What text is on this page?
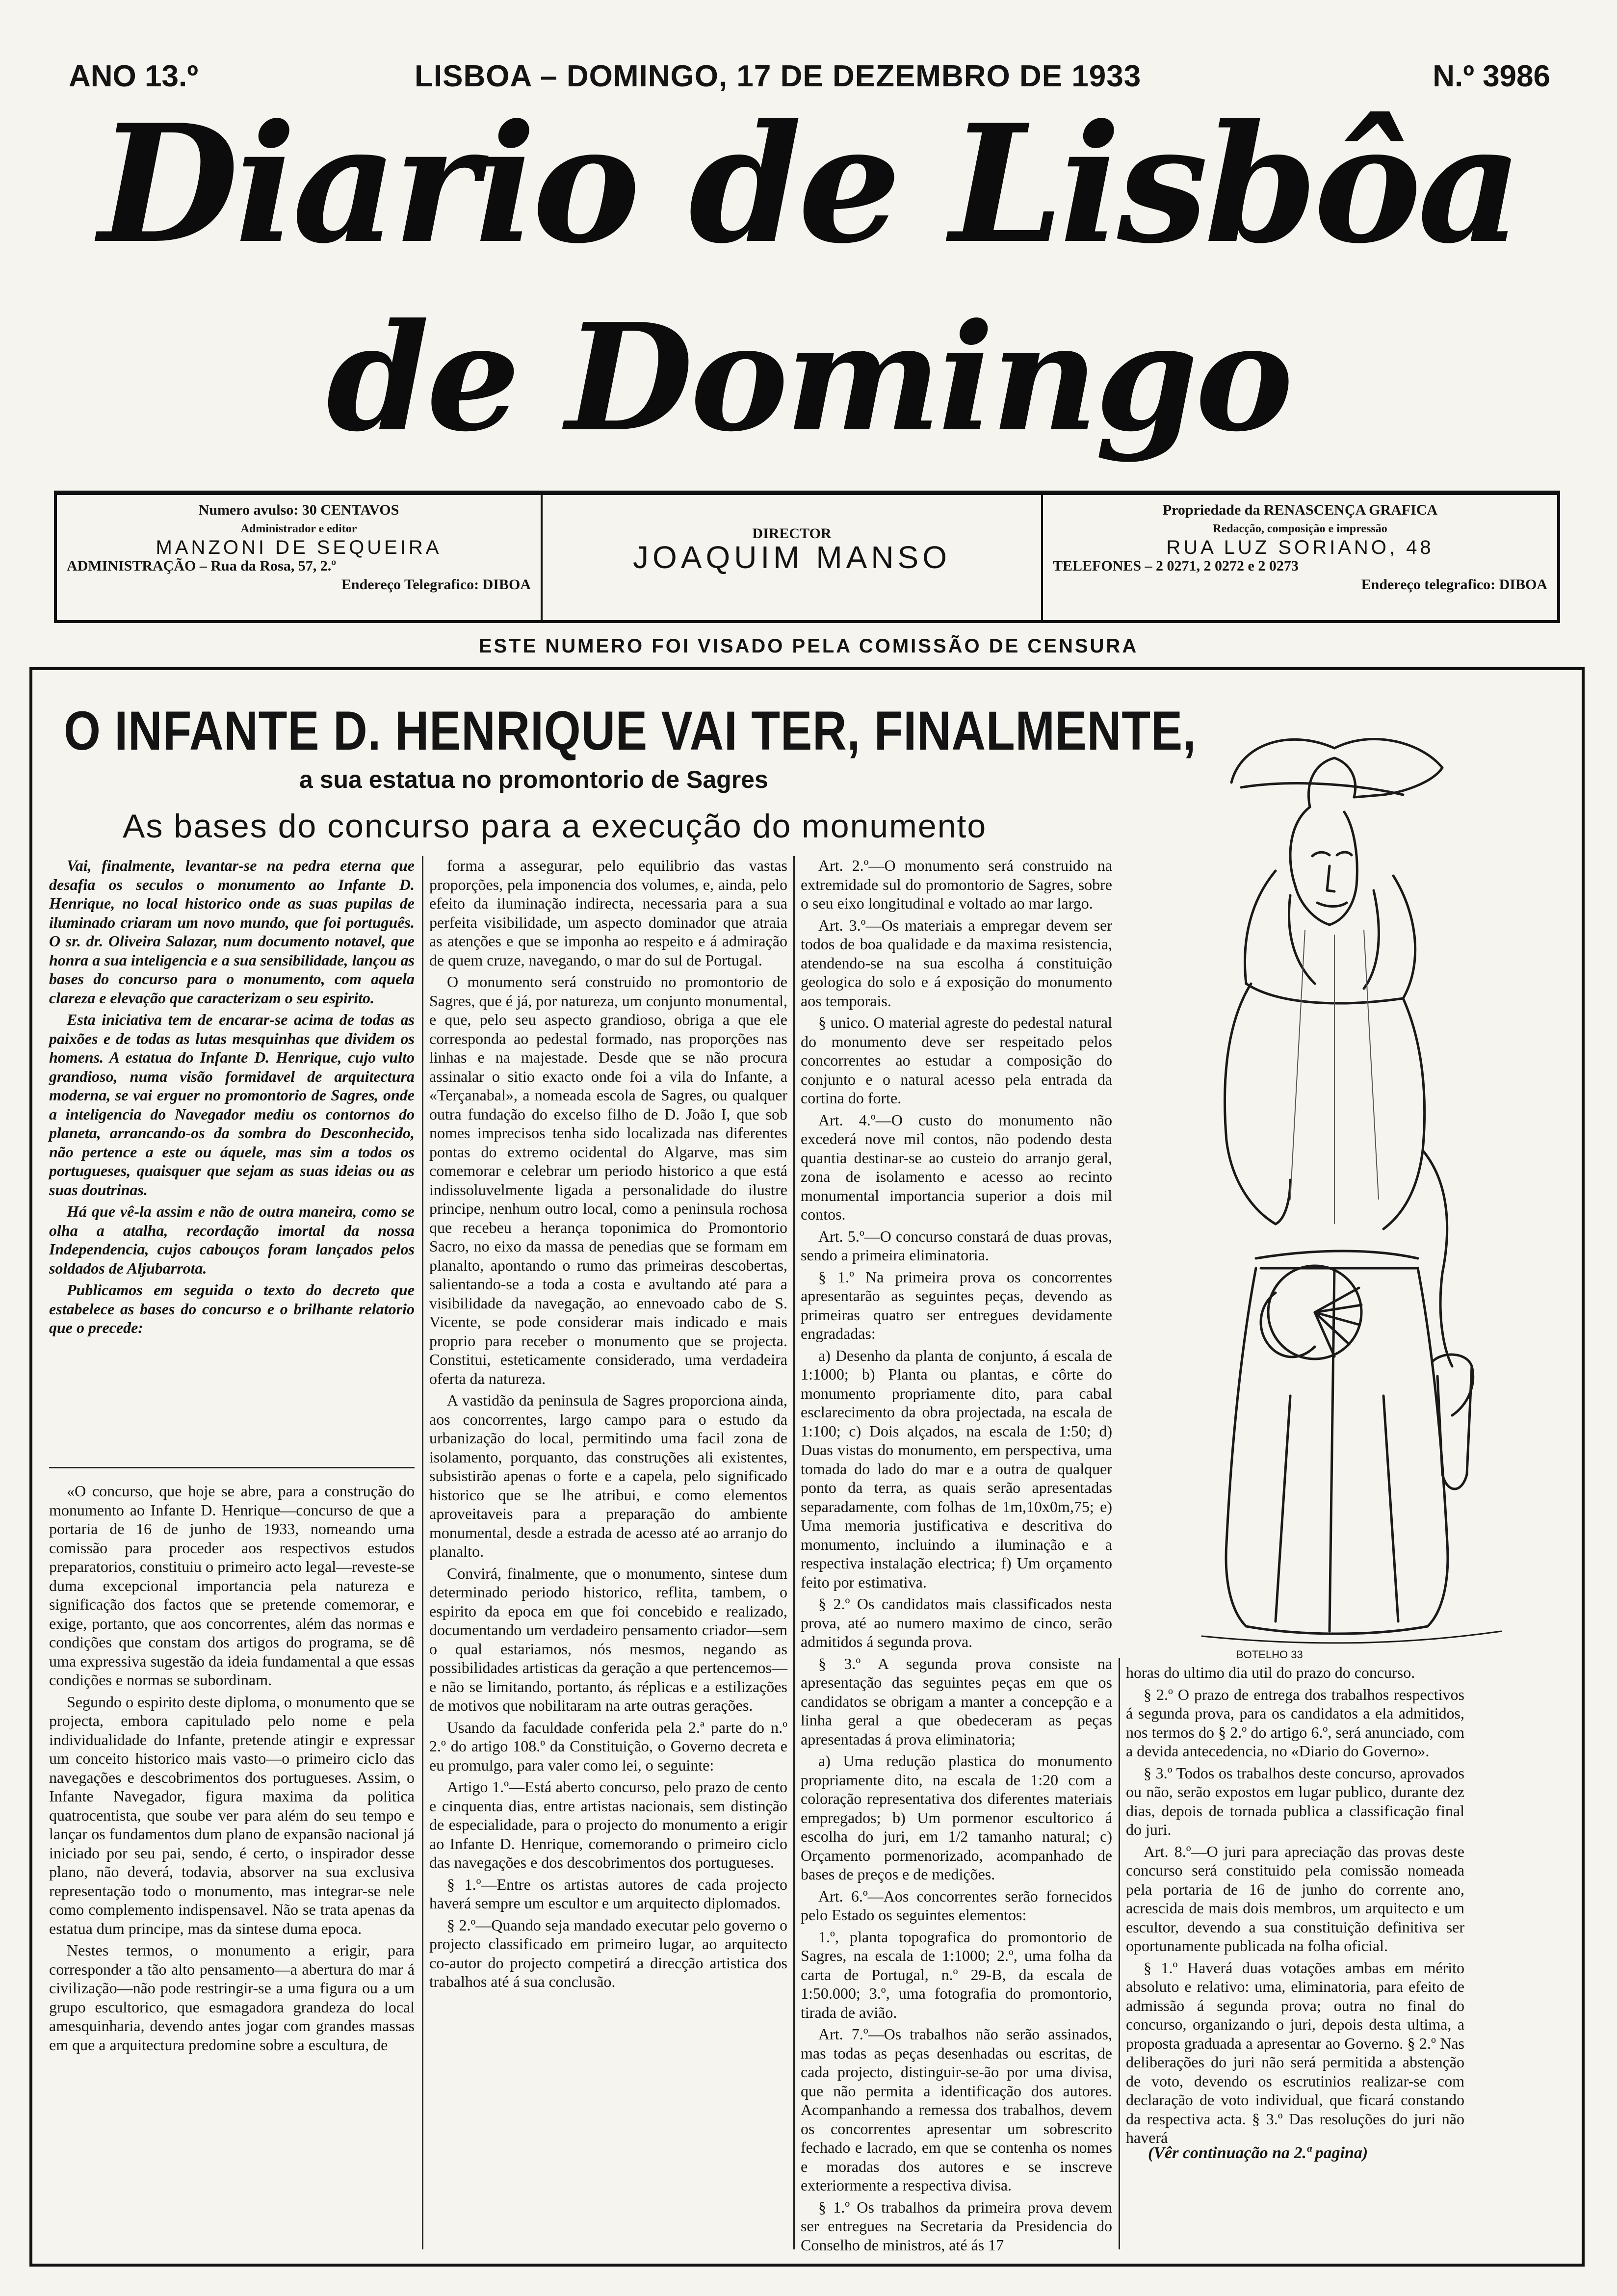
ANO 13.º	LISBOA – DOMINGO, 17 DE DEZEMBRO DE 1933	N.º 3986
Diario de Lisbôa
de Domingo
Numero avulso: 30 CENTAVOS
Administrador e editor
MANZONI DE SEQUEIRA
ADMINISTRAÇÃO – Rua da Rosa, 57, 2.º
Endereço Telegrafico: DIBOA
DIRECTOR
JOAQUIM MANSO
Propriedade da RENASCENÇA GRAFICA
Redacção, composição e impressão
RUA LUZ SORIANO, 48
TELEFONES – 2 0271, 2 0272 e 2 0273
Endereço telegrafico: DIBOA
ESTE NUMERO FOI VISADO PELA COMISSÃO DE CENSURA
O INFANTE D. HENRIQUE VAI TER, FINALMENTE,
a sua estatua no promontorio de Sagres
As bases do concurso para a execução do monumento

Vai, finalmente, levantar-se na pedra eterna que desafia os seculos o monumento ao Infante D. Henrique, no local historico onde as suas pupilas de iluminado criaram um novo mundo, que foi português. O sr. dr. Oliveira Salazar, num documento notavel, que honra a sua inteligencia e a sua sensibilidade, lançou as bases do concurso para o monumento, com aquela clareza e elevação que caracterizam o seu espirito.

Esta iniciativa tem de encarar-se acima de todas as paixões e de todas as lutas mesquinhas que dividem os homens. A estatua do Infante D. Henrique, cujo vulto grandioso, numa visão formidavel de arquitectura moderna, se vai erguer no promontorio de Sagres, onde a inteligencia do Navegador mediu os contornos do planeta, arrancando-os da sombra do Desconhecido, não pertence a este ou áquele, mas sim a todos os portugueses, quaisquer que sejam as suas ideias ou as suas doutrinas.

Há que vê-la assim e não de outra maneira, como se olha a atalha, recordação imortal da nossa Independencia, cujos cabouços foram lançados pelos soldados de Aljubarrota.

Publicamos em seguida o texto do decreto que estabelece as bases do concurso e o brilhante relatorio que o precede:

«O concurso, que hoje se abre, para a construção do monumento ao Infante D. Henrique—concurso de que a portaria de 16 de junho de 1933, nomeando uma comissão para proceder aos respectivos estudos preparatorios, constituiu o primeiro acto legal—reveste-se duma excepcional importancia pela natureza e significação dos factos que se pretende comemorar, e exige, portanto, que aos concorrentes, além das normas e condições que constam dos artigos do programa, se dê uma expressiva sugestão da ideia fundamental a que essas condições e normas se subordinam.

Segundo o espirito deste diploma, o monumento que se projecta, embora capitulado pelo nome e pela individualidade do Infante, pretende atingir e expressar um conceito historico mais vasto—o primeiro ciclo das navegações e descobrimentos dos portugueses. Assim, o Infante Navegador, figura maxima da politica quatrocentista, que soube ver para além do seu tempo e lançar os fundamentos dum plano de expansão nacional já iniciado por seu pai, sendo, é certo, o inspirador desse plano, não deverá, todavia, absorver na sua exclusiva representação todo o monumento, mas integrar-se nele como complemento indispensavel. Não se trata apenas da estatua dum principe, mas da sintese duma epoca.

Nestes termos, o monumento a erigir, para corresponder a tão alto pensamento—a abertura do mar á civilização—não pode restringir-se a uma figura ou a um grupo escultorico, que esmagadora grandeza do local amesquinharia, devendo antes jogar com grandes massas em que a arquitectura predomine sobre a escultura, de

forma a assegurar, pelo equilibrio das vastas proporções, pela imponencia dos volumes, e, ainda, pelo efeito da iluminação indirecta, necessaria para a sua perfeita visibilidade, um aspecto dominador que atraia as atenções e que se imponha ao respeito e á admiração de quem cruze, navegando, o mar do sul de Portugal.

O monumento será construido no promontorio de Sagres, que é já, por natureza, um conjunto monumental, e que, pelo seu aspecto grandioso, obriga a que ele corresponda ao pedestal formado, nas proporções nas linhas e na majestade. Desde que se não procura assinalar o sitio exacto onde foi a vila do Infante, a «Terçanabal», a nomeada escola de Sagres, ou qualquer outra fundação do excelso filho de D. João I, que sob nomes imprecisos tenha sido localizada nas diferentes pontas do extremo ocidental do Algarve, mas sim comemorar e celebrar um periodo historico a que está indissoluvelmente ligada a personalidade do ilustre principe, nenhum outro local, como a peninsula rochosa que recebeu a herança toponimica do Promontorio Sacro, no eixo da massa de penedias que se formam em planalto, apontando o rumo das primeiras descobertas, salientando-se a toda a costa e avultando até para a visibilidade da navegação, ao ennevoado cabo de S. Vicente, se pode considerar mais indicado e mais proprio para receber o monumento que se projecta. Constitui, esteticamente considerado, uma verdadeira oferta da natureza.

A vastidão da peninsula de Sagres proporciona ainda, aos concorrentes, largo campo para o estudo da urbanização do local, permitindo uma facil zona de isolamento, porquanto, das construções ali existentes, subsistirão apenas o forte e a capela, pelo significado historico que se lhe atribui, e como elementos aproveitaveis para a preparação do ambiente monumental, desde a estrada de acesso até ao arranjo do planalto.

Convirá, finalmente, que o monumento, sintese dum determinado periodo historico, reflita, tambem, o espirito da epoca em que foi concebido e realizado, documentando um verdadeiro pensamento criador—sem o qual estariamos, nós mesmos, negando as possibilidades artisticas da geração a que pertencemos—e não se limitando, portanto, ás réplicas e a estilizações de motivos que nobilitaram na arte outras gerações.

Usando da faculdade conferida pela 2.ª parte do n.º 2.º do artigo 108.º da Constituição, o Governo decreta e eu promulgo, para valer como lei, o seguinte:

Artigo 1.º—Está aberto concurso, pelo prazo de cento e cinquenta dias, entre artistas nacionais, sem distinção de especialidade, para o projecto do monumento a erigir ao Infante D. Henrique, comemorando o primeiro ciclo das navegações e dos descobrimentos dos portugueses.

§ 1.º—Entre os artistas autores de cada projecto haverá sempre um escultor e um arquitecto diplomados.

§ 2.º—Quando seja mandado executar pelo governo o projecto classificado em primeiro lugar, ao arquitecto co-autor do projecto competirá a direcção artistica dos trabalhos até á sua conclusão.

Art. 2.º—O monumento será construido na extremidade sul do promontorio de Sagres, sobre o seu eixo longitudinal e voltado ao mar largo.

Art. 3.º—Os materiais a empregar devem ser todos de boa qualidade e da maxima resistencia, atendendo-se na sua escolha á constituição geologica do solo e á exposição do monumento aos temporais.

§ unico. O material agreste do pedestal natural do monumento deve ser respeitado pelos concorrentes ao estudar a composição do conjunto e o natural acesso pela entrada da cortina do forte.

Art. 4.º—O custo do monumento não excederá nove mil contos, não podendo desta quantia destinar-se ao custeio do arranjo geral, zona de isolamento e acesso ao recinto monumental importancia superior a dois mil contos.

Art. 5.º—O concurso constará de duas provas, sendo a primeira eliminatoria.

§ 1.º Na primeira prova os concorrentes apresentarão as seguintes peças, devendo as primeiras quatro ser entregues devidamente engradadas:

a) Desenho da planta de conjunto, á escala de 1:1000; b) Planta ou plantas, e côrte do monumento propriamente dito, para cabal esclarecimento da obra projectada, na escala de 1:100; c) Dois alçados, na escala de 1:50; d) Duas vistas do monumento, em perspectiva, uma tomada do lado do mar e a outra de qualquer ponto da terra, as quais serão apresentadas separadamente, com folhas de 1m,10x0m,75; e) Uma memoria justificativa e descritiva do monumento, incluindo a iluminação e a respectiva instalação electrica; f) Um orçamento feito por estimativa.

§ 2.º Os candidatos mais classificados nesta prova, até ao numero maximo de cinco, serão admitidos á segunda prova.

§ 3.º A segunda prova consiste na apresentação das seguintes peças em que os candidatos se obrigam a manter a concepção e a linha geral a que obedeceram as peças apresentadas á prova eliminatoria;

a) Uma redução plastica do monumento propriamente dito, na escala de 1:20 com a coloração representativa dos diferentes materiais empregados; b) Um pormenor escultorico á escolha do juri, em 1/2 tamanho natural; c) Orçamento pormenorizado, acompanhado de bases de preços e de medições.

Art. 6.º—Aos concorrentes serão fornecidos pelo Estado os seguintes elementos:

1.º, planta topografica do promontorio de Sagres, na escala de 1:1000; 2.º, uma folha da carta de Portugal, n.º 29-B, da escala de 1:50.000; 3.º, uma fotografia do promontorio, tirada de avião.

Art. 7.º—Os trabalhos não serão assinados, mas todas as peças desenhadas ou escritas, de cada projecto, distinguir-se-ão por uma divisa, que não permita a identificação dos autores. Acompanhando a remessa dos trabalhos, devem os concorrentes apresentar um sobrescrito fechado e lacrado, em que se contenha os nomes e moradas dos autores e se inscreve exteriormente a respectiva divisa.

§ 1.º Os trabalhos da primeira prova devem ser entregues na Secretaria da Presidencia do Conselho de ministros, até ás 17

BOTELHO 33

horas do ultimo dia util do prazo do concurso.

§ 2.º O prazo de entrega dos trabalhos respectivos á segunda prova, para os candidatos a ela admitidos, nos termos do § 2.º do artigo 6.º, será anunciado, com a devida antecedencia, no «Diario do Governo».

§ 3.º Todos os trabalhos deste concurso, aprovados ou não, serão expostos em lugar publico, durante dez dias, depois de tornada publica a classificação final do juri.

Art. 8.º—O juri para apreciação das provas deste concurso será constituido pela comissão nomeada pela portaria de 16 de junho do corrente ano, acrescida de mais dois membros, um arquitecto e um escultor, devendo a sua constituição definitiva ser oportunamente publicada na folha oficial.

§ 1.º Haverá duas votações ambas em mérito absoluto e relativo: uma, eliminatoria, para efeito de admissão á segunda prova; outra no final do concurso, organizando o juri, depois desta ultima, a proposta graduada a apresentar ao Governo. § 2.º Nas deliberações do juri não será permitida a abstenção de voto, devendo os escrutinios realizar-se com declaração de voto individual, que ficará constando da respectiva acta. § 3.º Das resoluções do juri não haverá

(Vêr continuação na 2.ª pagina)
